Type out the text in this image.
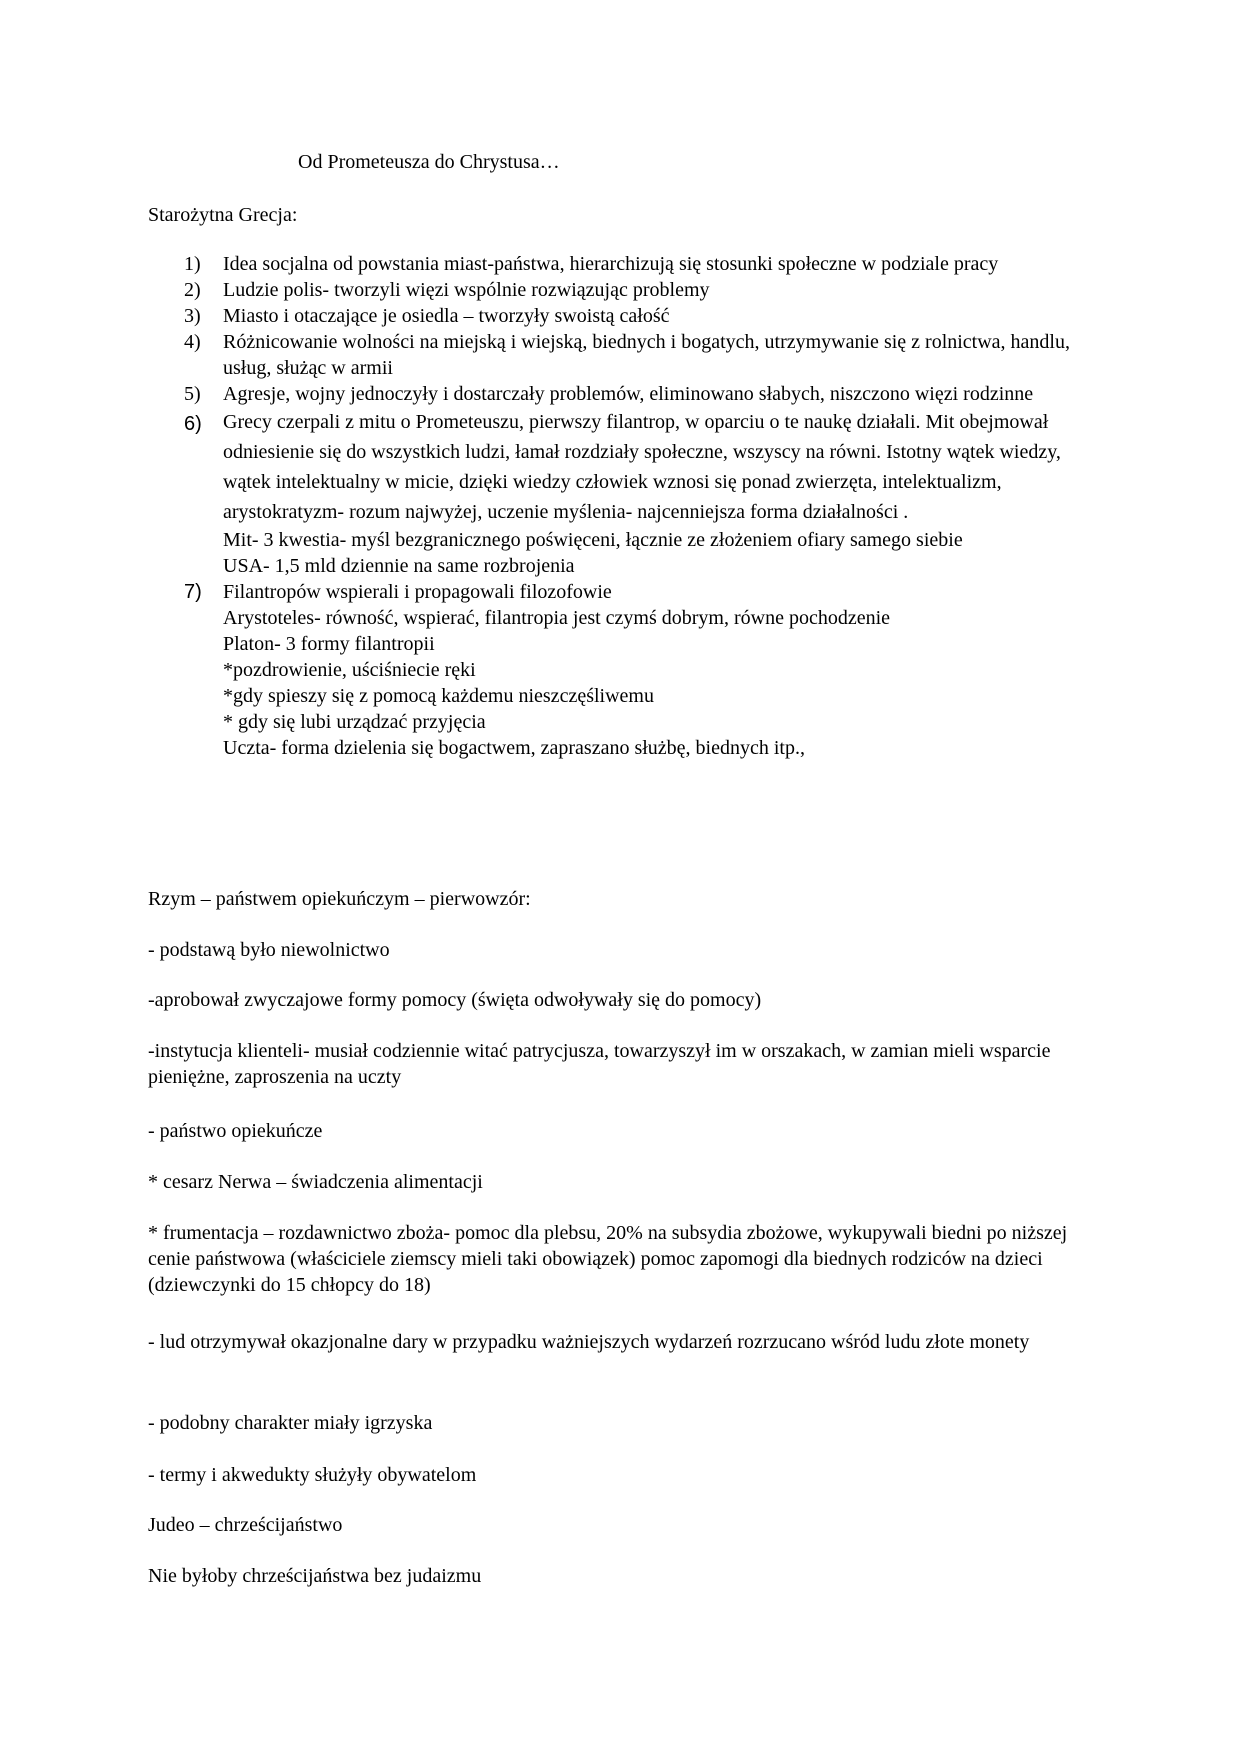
Od Prometeusza do Chrystusa…

Starożytna Grecja:

1) Idea socjalna od powstania miast-państwa, hierarchizują się stosunki społeczne w podziale pracy
2) Ludzie polis- tworzyli więzi wspólnie rozwiązując problemy
3) Miasto i otaczające je osiedla – tworzyły swoistą całość
4) Różnicowanie wolności na miejską i wiejską, biednych i bogatych, utrzymywanie się z rolnictwa, handlu, usług, służąc w armii
5) Agresje, wojny jednoczyły i dostarczały problemów, eliminowano słabych, niszczono więzi rodzinne
6) Grecy czerpali z mitu o Prometeuszu, pierwszy filantrop, w oparciu o te naukę działali. Mit obejmował odniesienie się do wszystkich ludzi, łamał rozdziały społeczne, wszyscy na równi. Istotny wątek wiedzy, wątek intelektualny w micie, dzięki wiedzy człowiek wznosi się ponad zwierzęta, intelektualizm, arystokratyzm- rozum najwyżej, uczenie myślenia- najcenniejsza forma działalności .
Mit- 3 kwestia- myśl bezgranicznego poświęceni, łącznie ze złożeniem ofiary samego siebie
USA- 1,5 mld dziennie na same rozbrojenia
7) Filantropów wspierali i propagowali filozofowie
Arystoteles- równość, wspierać, filantropia jest czymś dobrym, równe pochodzenie
Platon- 3 formy filantropii
*pozdrowienie, uściśniecie ręki
*gdy spieszy się z pomocą każdemu nieszczęśliwemu
* gdy się lubi urządzać przyjęcia
Uczta- forma dzielenia się bogactwem, zapraszano służbę, biednych itp.,

Rzym – państwem opiekuńczym – pierwowzór:

- podstawą było niewolnictwo

-aprobował zwyczajowe formy pomocy (święta odwoływały się do pomocy)

-instytucja klienteli- musiał codziennie witać patrycjusza, towarzyszył im w orszakach, w zamian mieli wsparcie pieniężne, zaproszenia na uczty

- państwo opiekuńcze

* cesarz Nerwa – świadczenia alimentacji

* frumentacja – rozdawnictwo zboża- pomoc dla plebsu, 20% na subsydia zbożowe, wykupywali biedni po niższej cenie państwowa (właściciele ziemscy mieli taki obowiązek) pomoc zapomogi dla biednych rodziców na dzieci (dziewczynki do 15 chłopcy do 18)

- lud otrzymywał okazjonalne dary w przypadku ważniejszych wydarzeń rozrzucano wśród ludu złote monety

- podobny charakter miały igrzyska

- termy i akwedukty służyły obywatelom

Judeo – chrześcijaństwo

Nie byłoby chrześcijaństwa bez judaizmu
